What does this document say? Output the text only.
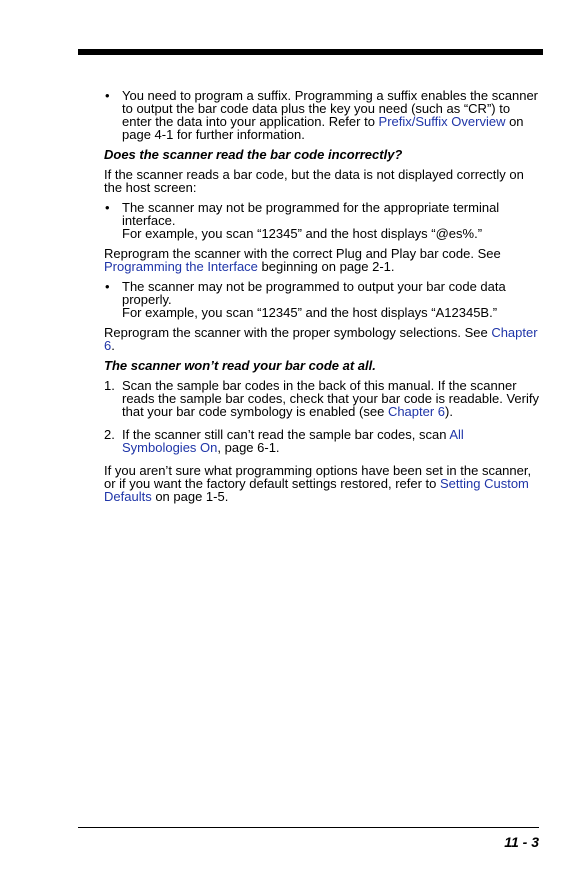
• You need to program a suffix. Programming a suffix enables the scanner to output the bar code data plus the key you need (such as “CR”) to enter the data into your application. Refer to Prefix/Suffix Overview on page 4-1 for further information.
Does the scanner read the bar code incorrectly?
If the scanner reads a bar code, but the data is not displayed correctly on the host screen:
• The scanner may not be programmed for the appropriate terminal interface.
For example, you scan “12345” and the host displays “@es%.”
Reprogram the scanner with the correct Plug and Play bar code. See Programming the Interface beginning on page 2-1.
• The scanner may not be programmed to output your bar code data properly.
For example, you scan “12345” and the host displays “A12345B.”
Reprogram the scanner with the proper symbology selections. See Chapter 6.
The scanner won’t read your bar code at all.
1. Scan the sample bar codes in the back of this manual. If the scanner reads the sample bar codes, check that your bar code is readable. Verify that your bar code symbology is enabled (see Chapter 6).
2. If the scanner still can’t read the sample bar codes, scan All Symbologies On, page 6-1.
If you aren’t sure what programming options have been set in the scanner, or if you want the factory default settings restored, refer to Setting Custom Defaults on page 1-5.
11 - 3
